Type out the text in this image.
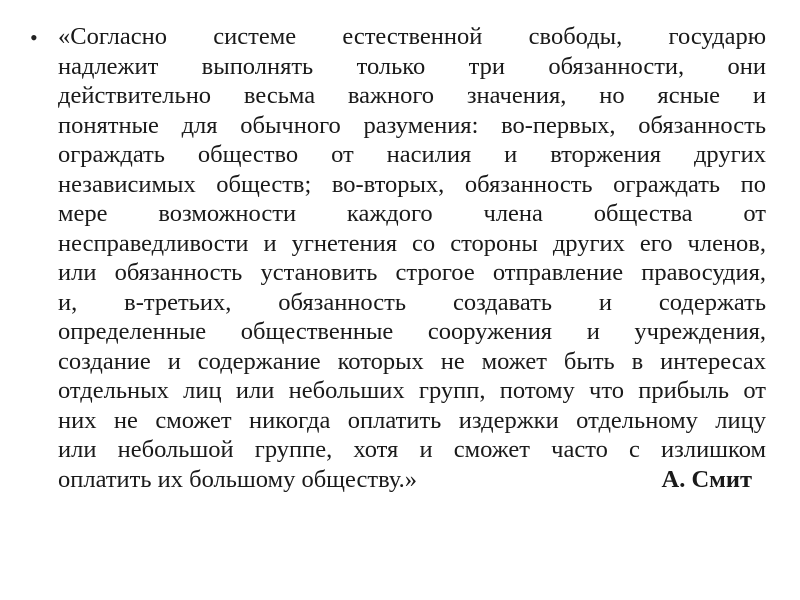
• «Согласно системе естественной свободы, государю
надлежит выполнять только три обязанности, они
действительно весьма важного значения, но ясные и
понятные для обычного разумения: во-первых, обязанность
ограждать общество от насилия и вторжения других
независимых обществ; во-вторых, обязанность ограждать по
мере возможности каждого члена общества от
несправедливости и угнетения со стороны других его членов,
или обязанность установить строгое отправление правосудия,
и, в-третьих, обязанность создавать и содержать
определенные общественные сооружения и учреждения,
создание и содержание которых не может быть в интересах
отдельных лиц или небольших групп, потому что прибыль от
них не сможет никогда оплатить издержки отдельному лицу
или небольшой группе, хотя и сможет часто с излишком
оплатить их большому обществу.»	А. Смит
